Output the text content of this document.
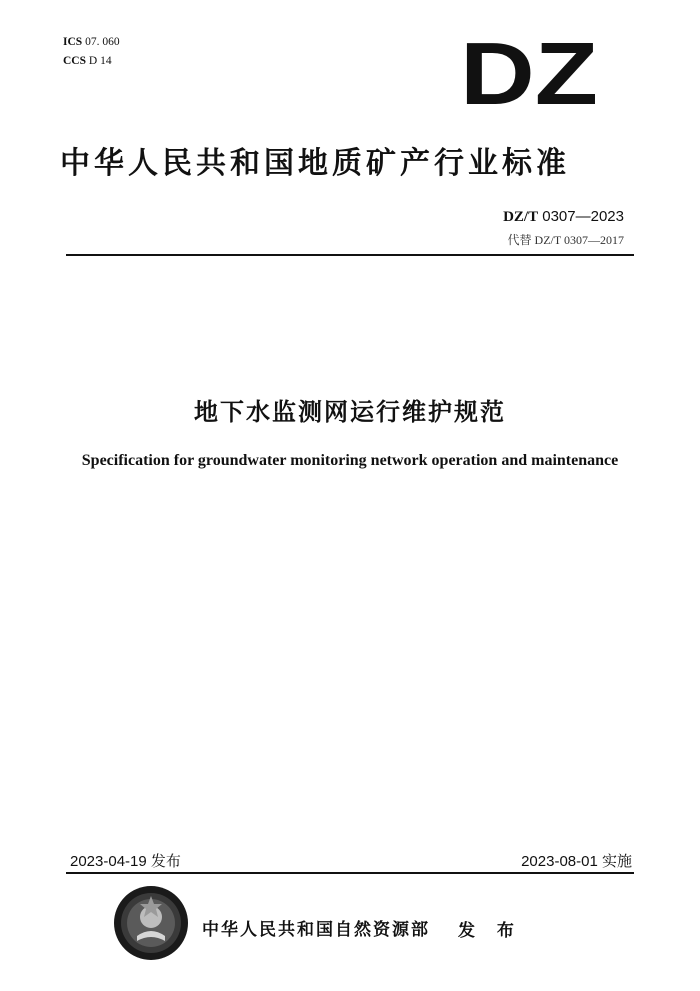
ICS 07. 060
CCS D 14	DZ
中华人民共和国地质矿产行业标准
DZ/T 0307—2023
代替 DZ/T 0307—2017
地下水监测网运行维护规范
Specification for groundwater monitoring network operation and maintenance
2023-04-19 发布	2023-08-01 实施
中华人民共和国自然资源部 发 布
